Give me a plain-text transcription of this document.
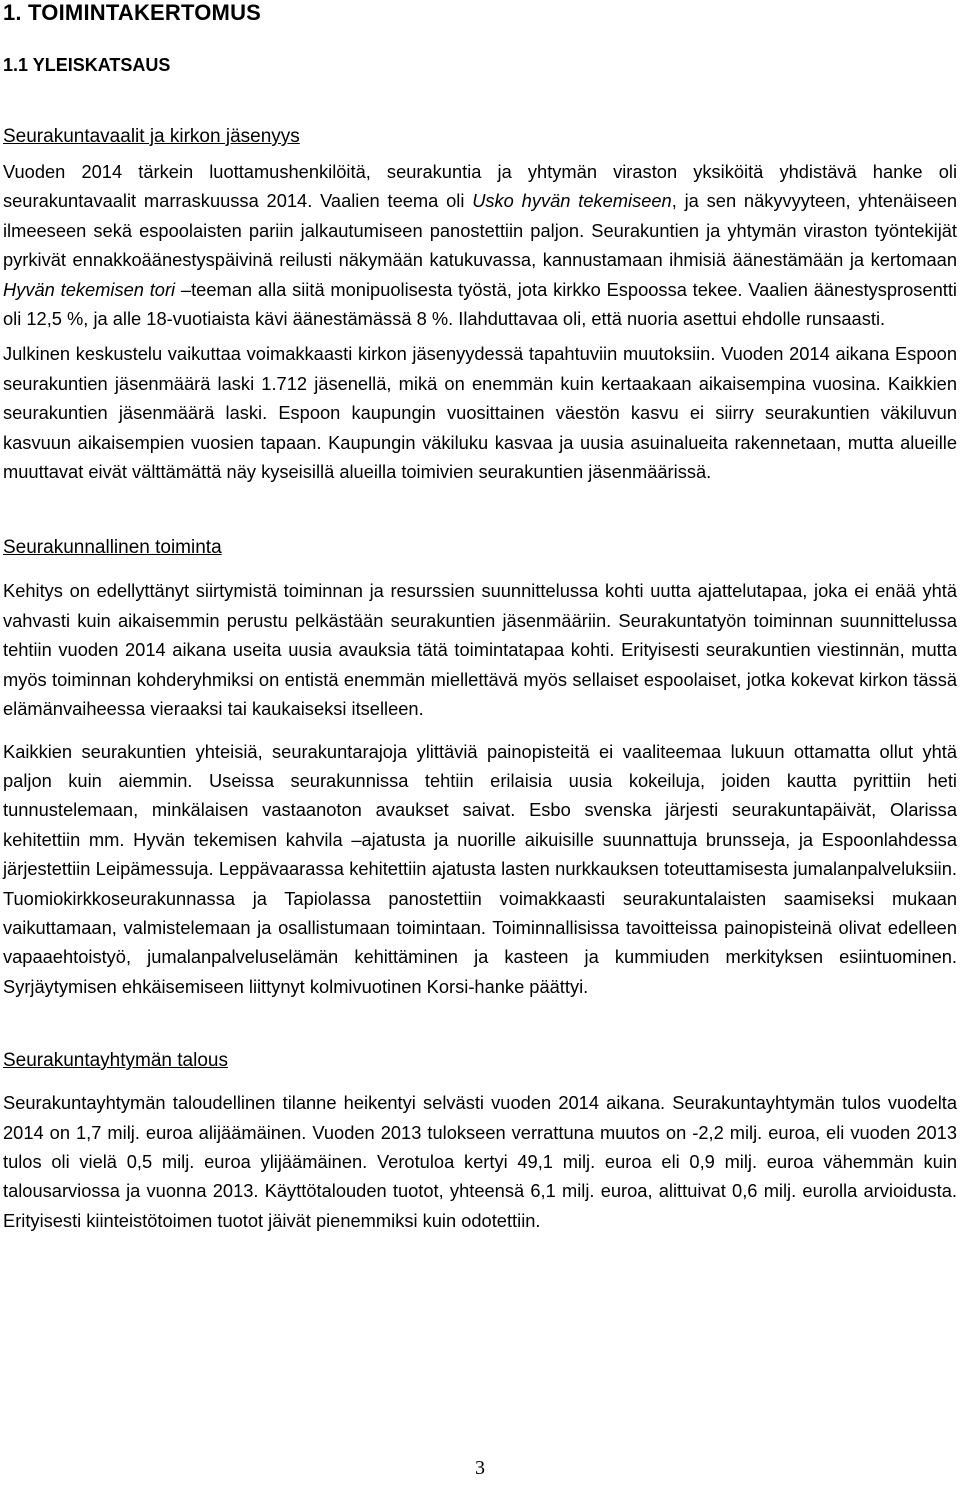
1. TOIMINTAKERTOMUS
1.1 YLEISKATSAUS
Seurakuntavaalit ja kirkon jäsenyys

Vuoden 2014 tärkein luottamushenkilöitä, seurakuntia ja yhtymän viraston yksiköitä yhdistävä hanke oli seurakuntavaalit marraskuussa 2014. Vaalien teema oli Usko hyvän tekemiseen, ja sen näkyvyyteen, yhtenäiseen ilmeeseen sekä espoolaisten pariin jalkautumiseen panostettiin paljon. Seurakuntien ja yhtymän viraston työntekijät pyrkivät ennakkoäänestyspäivinä reilusti näkymään katukuvassa, kannustamaan ihmisiä äänestämään ja kertomaan Hyvän tekemisen tori –teeman alla siitä monipuolisesta työstä, jota kirkko Espoossa tekee. Vaalien äänestysprosentti oli 12,5 %, ja alle 18-vuotiaista kävi äänestämässä 8 %. Ilahduttavaa oli, että nuoria asettui ehdolle runsaasti.

Julkinen keskustelu vaikuttaa voimakkaasti kirkon jäsenyydessä tapahtuviin muutoksiin. Vuoden 2014 aikana Espoon seurakuntien jäsenmäärä laski 1.712 jäsenellä, mikä on enemmän kuin kertaakaan aikaisempina vuosina. Kaikkien seurakuntien jäsenmäärä laski. Espoon kaupungin vuosittainen väestön kasvu ei siirry seurakuntien väkiluvun kasvuun aikaisempien vuosien tapaan. Kaupungin väkiluku kasvaa ja uusia asuinalueita rakennetaan, mutta alueille muuttavat eivät välttämättä näy kyseisillä alueilla toimivien seurakuntien jäsenmäärissä.

Seurakunnallinen toiminta

Kehitys on edellyttänyt siirtymistä toiminnan ja resurssien suunnittelussa kohti uutta ajattelutapaa, joka ei enää yhtä vahvasti kuin aikaisemmin perustu pelkästään seurakuntien jäsenmääriin. Seurakuntatyön toiminnan suunnittelussa tehtiin vuoden 2014 aikana useita uusia avauksia tätä toimintatapaa kohti. Erityisesti seurakuntien viestinnän, mutta myös toiminnan kohderyhmiksi on entistä enemmän miellettävä myös sellaiset espoolaiset, jotka kokevat kirkon tässä elämänvaiheessa vieraaksi tai kaukaiseksi itselleen.

Kaikkien seurakuntien yhteisiä, seurakuntarajoja ylittäviä painopisteitä ei vaaliteemaa lukuun ottamatta ollut yhtä paljon kuin aiemmin. Useissa seurakunnissa tehtiin erilaisia uusia kokeiluja, joiden kautta pyrittiin heti tunnustelemaan, minkälaisen vastaanoton avaukset saivat. Esbo svenska järjesti seurakuntapäivät, Olarissa kehitettiin mm. Hyvän tekemisen kahvila –ajatusta ja nuorille aikuisille suunnattuja brunsseja, ja Espoonlahdessa järjestettiin Leipämessuja. Leppävaarassa kehitettiin ajatusta lasten nurkkauksen toteuttamisesta jumalanpalveluksiin. Tuomiokirkkoseurakunnassa ja Tapiolassa panostettiin voimakkaasti seurakuntalaisten saamiseksi mukaan vaikuttamaan, valmistelemaan ja osallistumaan toimintaan. Toiminnallisissa tavoitteissa painopisteinä olivat edelleen vapaaehtoistyö, jumalanpalveluselämän kehittäminen ja kasteen ja kummiuden merkityksen esiintuominen. Syrjäytymisen ehkäisemiseen liittynyt kolmivuotinen Korsi-hanke päättyi.

Seurakuntayhtymän talous

Seurakuntayhtymän taloudellinen tilanne heikentyi selvästi vuoden 2014 aikana. Seurakuntayhtymän tulos vuodelta 2014 on 1,7 milj. euroa alijäämäinen. Vuoden 2013 tulokseen verrattuna muutos on -2,2 milj. euroa, eli vuoden 2013 tulos oli vielä 0,5 milj. euroa ylijäämäinen. Verotuloa kertyi 49,1 milj. euroa eli 0,9 milj. euroa vähemmän kuin talousarviossa ja vuonna 2013. Käyttötalouden tuotot, yhteensä 6,1 milj. euroa, alittuivat 0,6 milj. eurolla arvioidusta. Erityisesti kiinteistötoimen tuotot jäivät pienemmiksi kuin odotettiin.

3
